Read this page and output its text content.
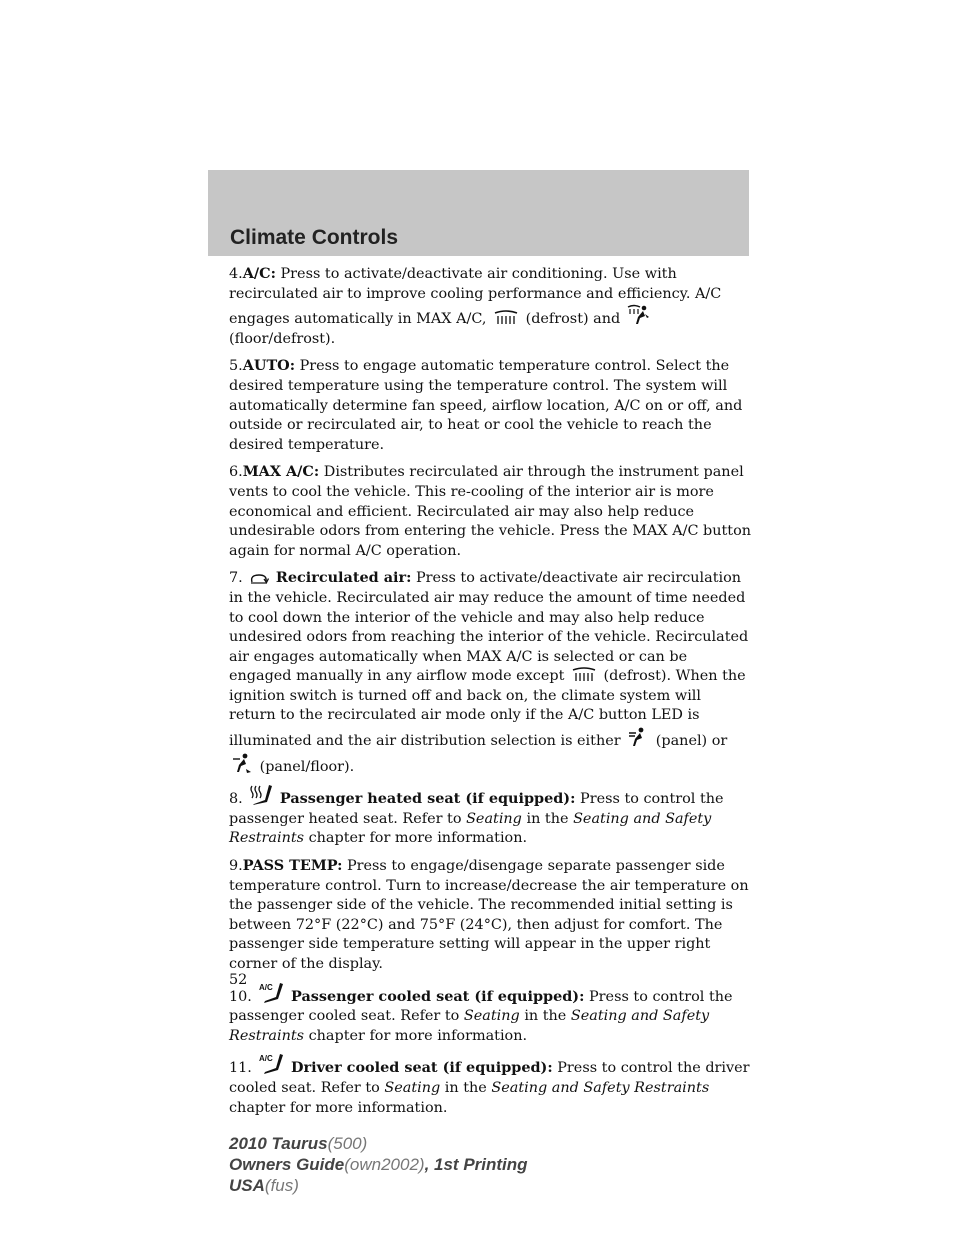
Climate Controls

4.A/C: Press to activate/deactivate air conditioning. Use with recirculated air to improve cooling performance and efficiency. A/C engages automatically in MAX A/C,	(defrost) and  (floor/defrost).

5.AUTO: Press to engage automatic temperature control. Select the desired temperature using the temperature control. The system will automatically determine fan speed, airflow location, A/C on or off, and outside or recirculated air, to heat or cool the vehicle to reach the desired temperature.

6.MAX A/C: Distributes recirculated air through the instrument panel vents to cool the vehicle. This re-cooling of the interior air is more economical and efficient. Recirculated air may also help reduce undesirable odors from entering the vehicle. Press the MAX A/C button again for normal A/C operation.

7. Recirculated air: Press to activate/deactivate air recirculation in the vehicle. Recirculated air may reduce the amount of time needed to cool down the interior of the vehicle and may also help reduce undesired odors from reaching the interior of the vehicle. Recirculated air engages automatically when MAX A/C is selected or can be engaged manually in any airflow mode except	(defrost). When the ignition switch is turned off and back on, the climate system will return to the recirculated air mode only if the A/C button LED is illuminated and the air distribution selection is either (panel) or  (panel/floor).

8.	Passenger heated seat (if equipped): Press to control the passenger heated seat. Refer to Seating in the Seating and Safety Restraints chapter for more information.

9.PASS TEMP: Press to engage/disengage separate passenger side temperature control. Turn to increase/decrease the air temperature on the passenger side of the vehicle. The recommended initial setting is between 72°F (22°C) and 75°F (24°C), then adjust for comfort. The passenger side temperature setting will appear in the upper right corner of the display.

10.
A/C
Passenger cooled seat (if equipped): Press to control the passenger cooled seat. Refer to Seating in the Seating and Safety Restraints chapter for more information.

11.
A/C
Driver cooled seat (if equipped): Press to control the driver cooled seat. Refer to Seating in the Seating and Safety Restraints chapter for more information.

52
2010 Taurus(500)
Owners Guide(own2002), 1st Printing
USA(fus)
